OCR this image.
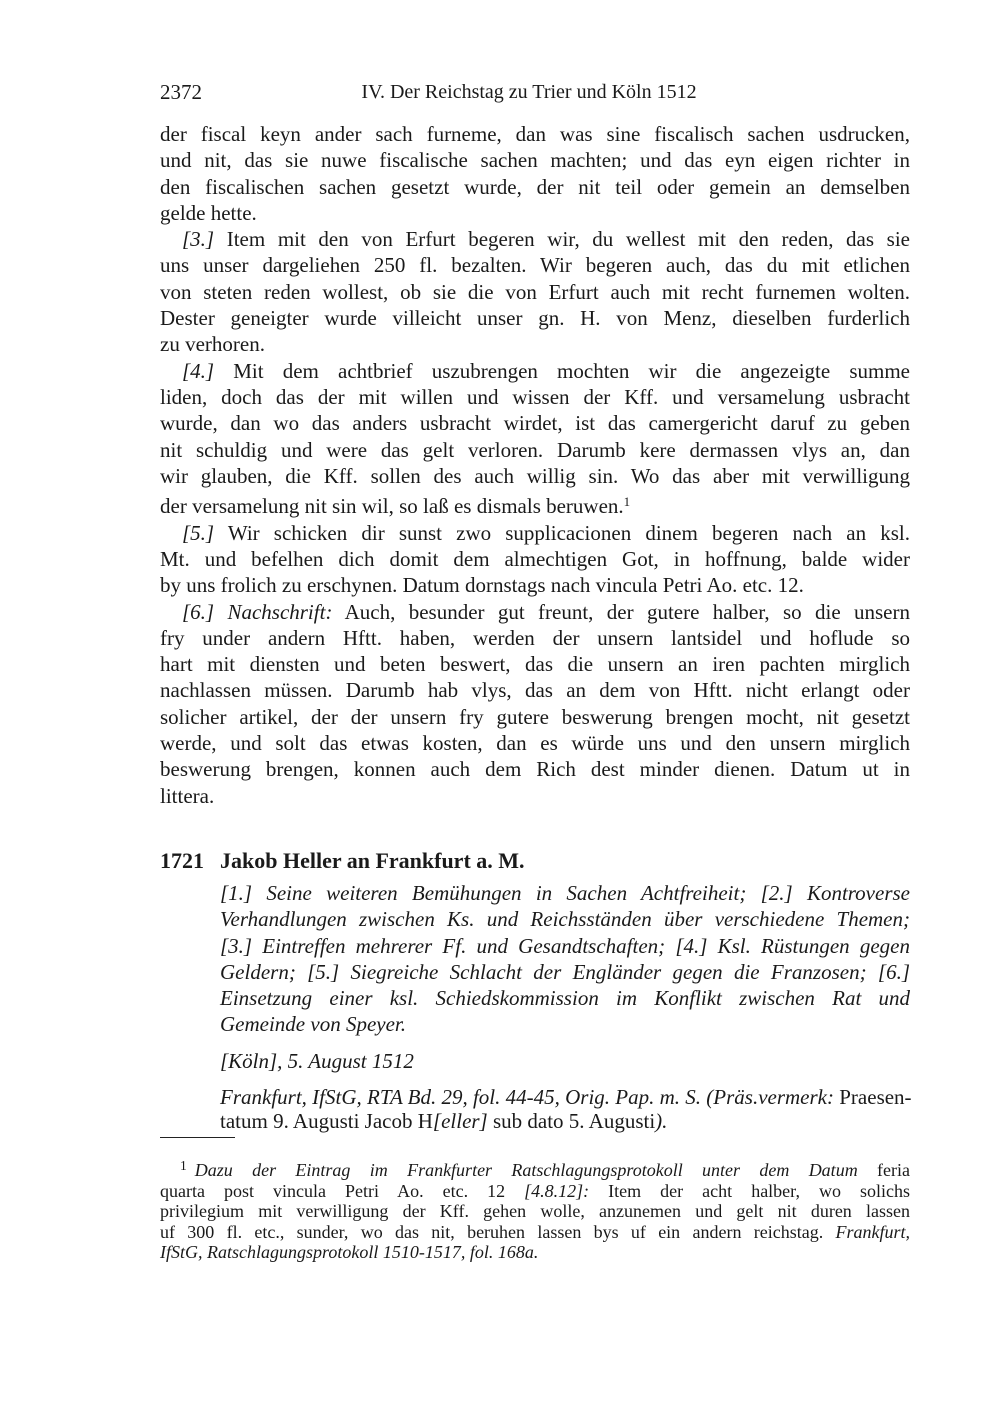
2372	IV. Der Reichstag zu Trier und Köln 1512
der fiscal keyn ander sach furneme, dan was sine fiscalisch sachen usdrucken,
und nit, das sie nuwe fiscalische sachen machten; und das eyn eigen richter in
den fiscalischen sachen gesetzt wurde, der nit teil oder gemein an demselben
gelde hette.
[3.] Item mit den von Erfurt begeren wir, du wellest mit den reden, das sie
uns unser dargeliehen 250 fl. bezalten. Wir begeren auch, das du mit etlichen
von steten reden wollest, ob sie die von Erfurt auch mit recht furnemen wolten.
Dester geneigter wurde villeicht unser gn. H. von Menz, dieselben furderlich
zu verhoren.
[4.] Mit dem achtbrief uszubrengen mochten wir die angezeigte summe
liden, doch das der mit willen und wissen der Kff. und versamelung usbracht
wurde, dan wo das anders usbracht wirdet, ist das camergericht daruf zu geben
nit schuldig und were das gelt verloren. Darumb kere dermassen vlys an, dan
wir glauben, die Kff. sollen des auch willig sin. Wo das aber mit verwilligung
der versamelung nit sin wil, so laß es dismals beruwen.$^1$
[5.] Wir schicken dir sunst zwo supplicacionen dinem begeren nach an ksl.
Mt. und befelhen dich domit dem almechtigen Got, in hoffnung, balde wider
by uns frolich zu erschynen. Datum dornstags nach vincula Petri Ao. etc. 12.
[6.] Nachschrift: Auch, besunder gut freunt, der gutere halber, so die unsern
fry under andern Hftt. haben, werden der unsern lantsidel und hoflude so
hart mit diensten und beten beswert, das die unsern an iren pachten mirglich
nachlassen müssen. Darumb hab vlys, das an dem von Hftt. nicht erlangt oder
solicher artikel, der der unsern fry gutere beswerung brengen mocht, nit gesetzt
werde, und solt das etwas kosten, dan es würde uns und den unsern mirglich
beswerung brengen, konnen auch dem Rich dest minder dienen. Datum ut in
littera.
1721 Jakob Heller an Frankfurt a. M.
[1.] Seine weiteren Bemühungen in Sachen Achtfreiheit; [2.] Kontroverse
Verhandlungen zwischen Ks. und Reichsständen über verschiedene Themen;
[3.] Eintreffen mehrerer Ff. und Gesandtschaften; [4.] Ksl. Rüstungen gegen
Geldern; [5.] Siegreiche Schlacht der Engländer gegen die Franzosen; [6.]
Einsetzung einer ksl. Schiedskommission im Konflikt zwischen Rat und
Gemeinde von Speyer.
[Köln], 5. August 1512
Frankfurt, IfStG, RTA Bd. 29, fol. 44-45, Orig. Pap. m. S. (Präs.vermerk: Praesen-
tatum 9. Augusti Jacob H[eller] sub dato 5. Augusti).
$^1$ Dazu der Eintrag im Frankfurter Ratschlagungsprotokoll unter dem Datum feria
quarta post vincula Petri Ao. etc. 12 [4.8.12]: Item der acht halber, wo solichs
privilegium mit verwilligung der Kff. gehen wolle, anzunemen und gelt nit duren lassen
uf 300 fl. etc., sunder, wo das nit, beruhen lassen bys uf ein andern reichstag. Frankfurt,
IfStG, Ratschlagungsprotokoll 1510-1517, fol. 168a.
